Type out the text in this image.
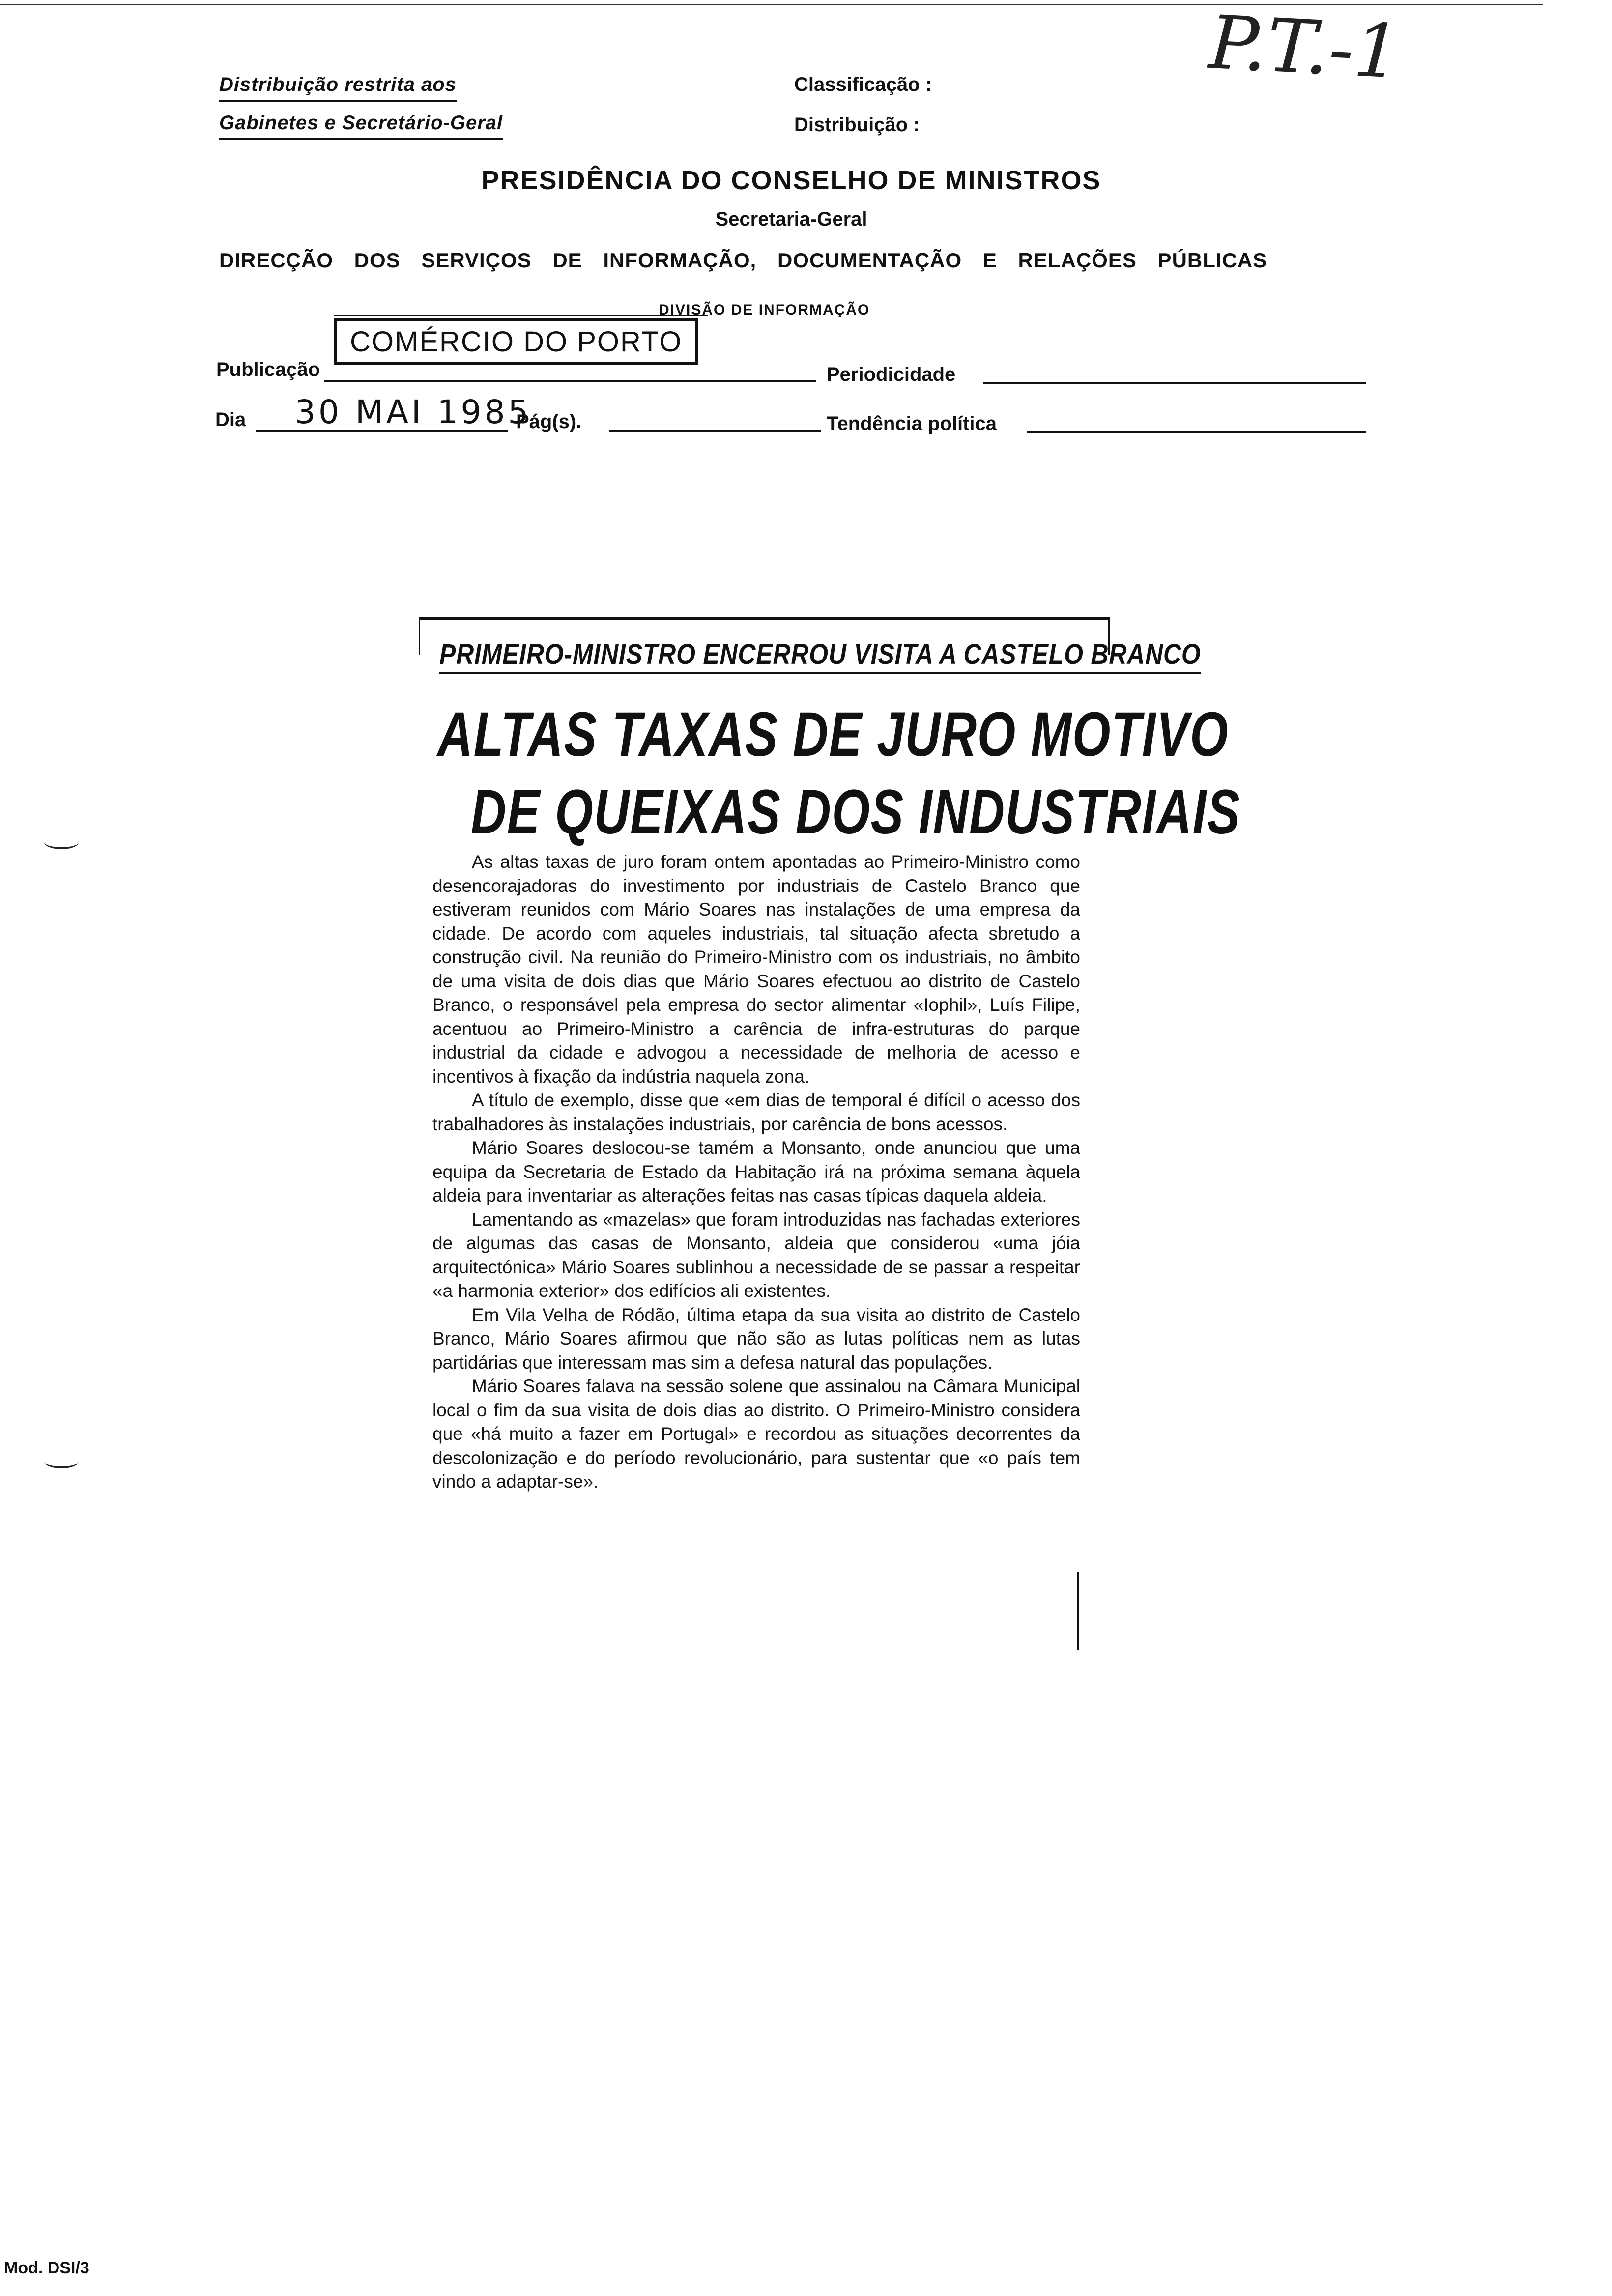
Distribuição restrita aos
Gabinetes e Secretário-Geral
Classificação :
Distribuição :
P.T.-1
PRESIDÊNCIA DO CONSELHO DE MINISTROS
Secretaria-Geral
DIRECÇÃO DOS SERVIÇOS DE INFORMAÇÃO, DOCUMENTAÇÃO E RELAÇÕES PÚBLICAS
DIVISÃO DE INFORMAÇÃO
Publicação
COMÉRCIO DO PORTO
Periodicidade
Dia 30 MAI 1985
Pág(s).	Tendência política
PRIMEIRO-MINISTRO ENCERROU VISITA A CASTELO BRANCO
ALTAS TAXAS DE JURO MOTIVO
DE QUEIXAS DOS INDUSTRIAIS

As altas taxas de juro foram ontem apontadas ao Primeiro-Ministro como desencorajadoras do investimento por industriais de Castelo Branco que estiveram reunidos com Mário Soares nas instalações de uma empresa da cidade. De acordo com aqueles industriais, tal situação afecta sbretudo a construção civil. Na reunião do Primeiro-Ministro com os industriais, no âmbito de uma visita de dois dias que Mário Soares efectuou ao distrito de Castelo Branco, o responsável pela empresa do sector alimentar «Iophil», Luís Filipe, acentuou ao Primeiro-Ministro a carência de infra-estruturas do parque industrial da cidade e advogou a necessidade de melhoria de acesso e incentivos à fixação da indústria naquela zona.

A título de exemplo, disse que «em dias de temporal é difícil o acesso dos trabalhadores às instalações industriais, por carência de bons acessos.

Mário Soares deslocou-se tamém a Monsanto, onde anunciou que uma equipa da Secretaria de Estado da Habitação irá na próxima semana àquela aldeia para inventariar as alterações feitas nas casas típicas daquela aldeia.

Lamentando as «mazelas» que foram introduzidas nas fachadas exteriores de algumas das casas de Monsanto, aldeia que considerou «uma jóia arquitectónica» Mário Soares sublinhou a necessidade de se passar a respeitar «a harmonia exterior» dos edifícios ali existentes.

Em Vila Velha de Ródão, última etapa da sua visita ao distrito de Castelo Branco, Mário Soares afirmou que não são as lutas políticas nem as lutas partidárias que interessam mas sim a defesa natural das populações.

Mário Soares falava na sessão solene que assinalou na Câmara Municipal local o fim da sua visita de dois dias ao distrito. O Primeiro-Ministro considera que «há muito a fazer em Portugal» e recordou as situações decorrentes da descolonização e do período revolucionário, para sustentar que «o país tem vindo a adaptar-se».

Mod. DSI/3
